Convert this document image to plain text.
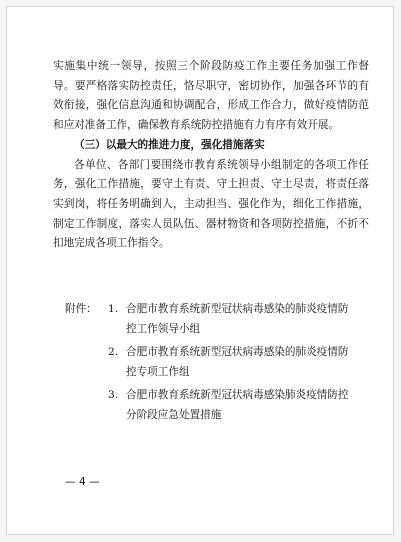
实施集中统一领导，按照三个阶段防疫工作主要任务加强工作督导。要严格落实防控责任，恪尽职守，密切协作，加强各环节的有效衔接，强化信息沟通和协调配合，形成工作合力，做好疫情防范和应对准备工作，确保教育系统防控措施有力有序有效开展。

（三）以最大的推进力度，强化措施落实

各单位、各部门要围绕市教育系统领导小组制定的各项工作任务，强化工作措施，要守土有责、守土担责、守土尽责，将责任落实到岗，将任务明确到人，主动担当、强化作为，细化工作措施，制定工作制度，落实人员队伍、器材物资和各项防控措施，不折不扣地完成各项工作指令。

附件：	1. 合肥市教育系统新型冠状病毒感染的肺炎疫情防
控工作领导小组
2. 合肥市教育系统新型冠状病毒感染的肺炎疫情防
控专项工作组
3. 合肥市教育系统新型冠状病毒感染肺炎疫情防控
分阶段应急处置措施
— 4 —
